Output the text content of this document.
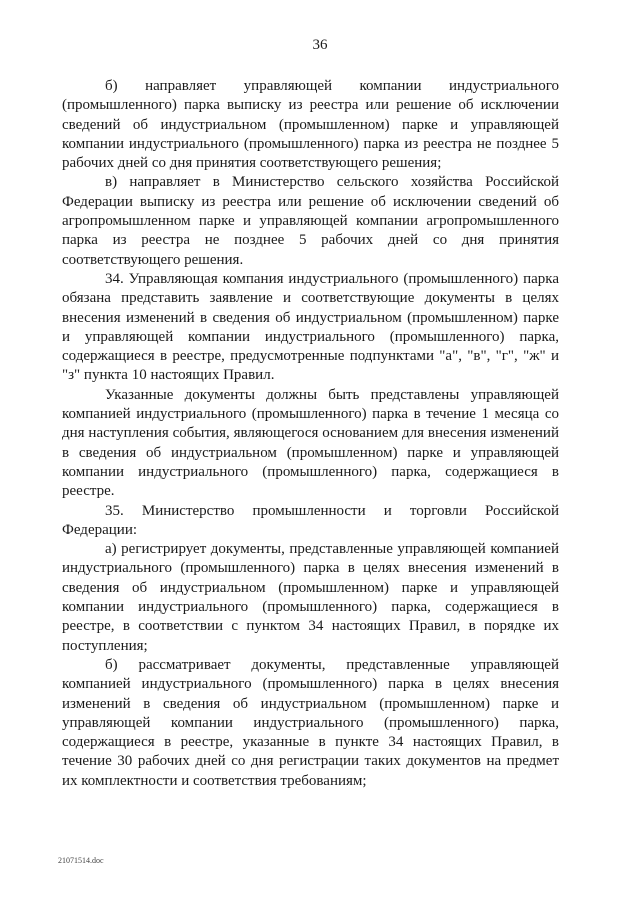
36

б) направляет управляющей компании индустриального (промышленного) парка выписку из реестра или решение об исключении сведений об индустриальном (промышленном) парке и управляющей компании индустриального (промышленного) парка из реестра не позднее 5 рабочих дней со дня принятия соответствующего решения;

в) направляет в Министерство сельского хозяйства Российской Федерации выписку из реестра или решение об исключении сведений об агропромышленном парке и управляющей компании агропромышленного парка из реестра не позднее 5 рабочих дней со дня принятия соответствующего решения.

34. Управляющая компания индустриального (промышленного) парка обязана представить заявление и соответствующие документы в целях внесения изменений в сведения об индустриальном (промышленном) парке и управляющей компании индустриального (промышленного) парка, содержащиеся в реестре, предусмотренные подпунктами "а", "в", "г", "ж" и "з" пункта 10 настоящих Правил.

Указанные документы должны быть представлены управляющей компанией индустриального (промышленного) парка в течение 1 месяца со дня наступления события, являющегося основанием для внесения изменений в сведения об индустриальном (промышленном) парке и управляющей компании индустриального (промышленного) парка, содержащиеся в реестре.

35. Министерство промышленности и торговли Российской Федерации:

а) регистрирует документы, представленные управляющей компанией индустриального (промышленного) парка в целях внесения изменений в сведения об индустриальном (промышленном) парке и управляющей компании индустриального (промышленного) парка, содержащиеся в реестре, в соответствии с пунктом 34 настоящих Правил, в порядке их поступления;

б) рассматривает документы, представленные управляющей компанией индустриального (промышленного) парка в целях внесения изменений в сведения об индустриальном (промышленном) парке и управляющей компании индустриального (промышленного) парка, содержащиеся в реестре, указанные в пункте 34 настоящих Правил, в течение 30 рабочих дней со дня регистрации таких документов на предмет их комплектности и соответствия требованиям;

21071514.doc
